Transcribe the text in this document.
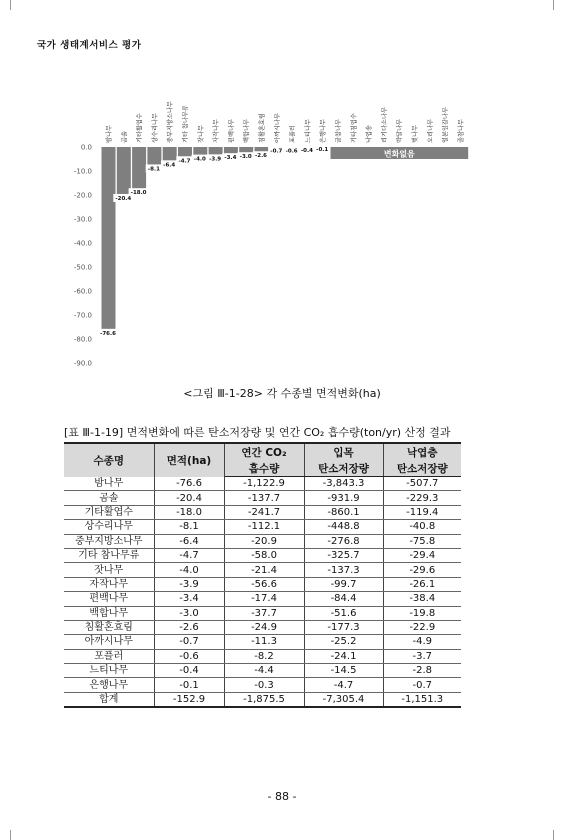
국가 생태계서비스 평가
0.0
-10.0
-20.0
-30.0
-40.0
-50.0
-60.0
-70.0
-80.0
-90.0
밤나무 곰솔 기타활엽수 상수리나무 중부지방소나무 기타 참나무류 잣나무 자작나무 편백나무 백합나무 침활혼효림 아까시나무 포플러 느티나무 은행나무 굴참나무 기타침엽수 낙엽송 리기다소나무 박달나무 벚나무 오리나무 일본잎갈나무 졸참나무
-76.6
-20.4
-18.0
-8.1
-6.4
-4.7 -4.0 -3.9 -3.4 -3.0 -2.6
-0.7 -0.6 -0.4 -0.1	변화없음
<그림 Ⅲ-1-28> 각 수종별 면적변화(ha)
[표 Ⅲ-1-19] 면적변화에 따른 탄소저장량 및 연간 CO₂ 흡수량(ton/yr) 산정 결과
수종명	면적(ha)	연간 CO₂	입목	낙엽층
		흡수량	탄소저장량	탄소저장량
밤나무	-76.6	-1,122.9	-3,843.3	-507.7
곰솔	-20.4	-137.7	-931.9	-229.3
기타활엽수	-18.0	-241.7	-860.1	-119.4
상수리나무	-8.1	-112.1	-448.8	-40.8
중부지방소나무	-6.4	-20.9	-276.8	-75.8
기타 참나무류	-4.7	-58.0	-325.7	-29.4
잣나무	-4.0	-21.4	-137.3	-29.6
자작나무	-3.9	-56.6	-99.7	-26.1
편백나무	-3.4	-17.4	-84.4	-38.4
백합나무	-3.0	-37.7	-51.6	-19.8
침활혼효림	-2.6	-24.9	-177.3	-22.9
아까시나무	-0.7	-11.3	-25.2	-4.9
포플러	-0.6	-8.2	-24.1	-3.7
느티나무	-0.4	-4.4	-14.5	-2.8
은행나무	-0.1	-0.3	-4.7	-0.7
합계	-152.9	-1,875.5	-7,305.4	-1,151.3
- 88 -
